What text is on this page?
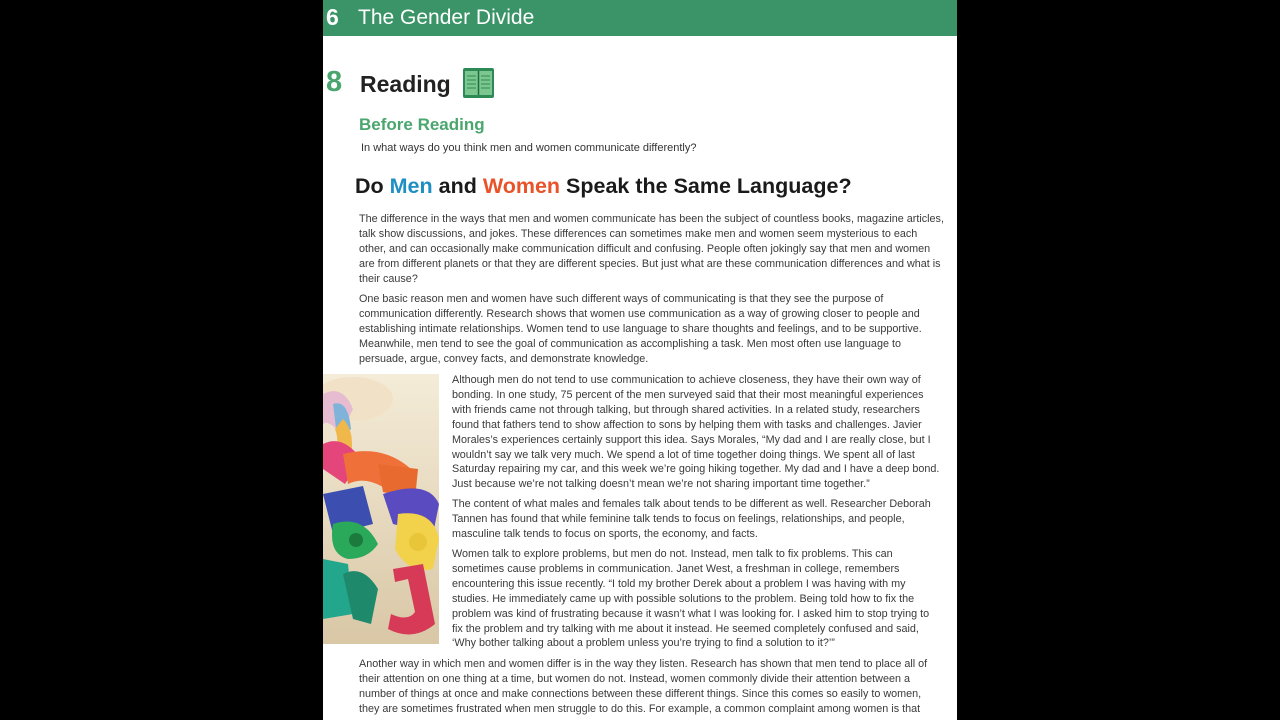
6 The Gender Divide
8 Reading
Before Reading
In what ways do you think men and women communicate differently?
Do Men and Women Speak the Same Language?

The difference in the ways that men and women communicate has been the subject of countless books, magazine articles, talk show discussions, and jokes. These differences can sometimes make men and women seem mysterious to each other, and can occasionally make communication difficult and confusing. People often jokingly say that men and women are from different planets or that they are different species. But just what are these communication differences and what is their cause?

One basic reason men and women have such different ways of communicating is that they see the purpose of communication differently. Research shows that women use communication as a way of growing closer to people and establishing intimate relationships. Women tend to use language to share thoughts and feelings, and to be supportive. Meanwhile, men tend to see the goal of communication as accomplishing a task. Men most often use language to persuade, argue, convey facts, and demonstrate knowledge.

Although men do not tend to use communication to achieve closeness, they have their own way of bonding. In one study, 75 percent of the men surveyed said that their most meaningful experiences with friends came not through talking, but through shared activities. In a related study, researchers found that fathers tend to show affection to sons by helping them with tasks and challenges. Javier Morales’s experiences certainly support this idea. Says Morales, “My dad and I are really close, but I wouldn’t say we talk very much. We spend a lot of time together doing things. We spent all of last Saturday repairing my car, and this week we’re going hiking together. My dad and I have a deep bond. Just because we’re not talking doesn’t mean we’re not sharing important time together.”

The content of what males and females talk about tends to be different as well. Researcher Deborah Tannen has found that while feminine talk tends to focus on feelings, relationships, and people, masculine talk tends to focus on sports, the economy, and facts.

Women talk to explore problems, but men do not. Instead, men talk to fix problems. This can sometimes cause problems in communication. Janet West, a freshman in college, remembers encountering this issue recently. “I told my brother Derek about a problem I was having with my studies. He immediately came up with possible solutions to the problem. Being told how to fix the problem was kind of frustrating because it wasn’t what I was looking for. I asked him to stop trying to fix the problem and try talking with me about it instead. He seemed completely confused and said, ‘Why bother talking about a problem unless you’re trying to find a solution to it?’”

Another way in which men and women differ is in the way they listen. Research has shown that men tend to place all of their attention on one thing at a time, but women do not. Instead, women commonly divide their attention between a number of things at once and make connections between these different things. Since this comes so easily to women, they are sometimes frustrated when men struggle to do this. For example, a common complaint among women is that
